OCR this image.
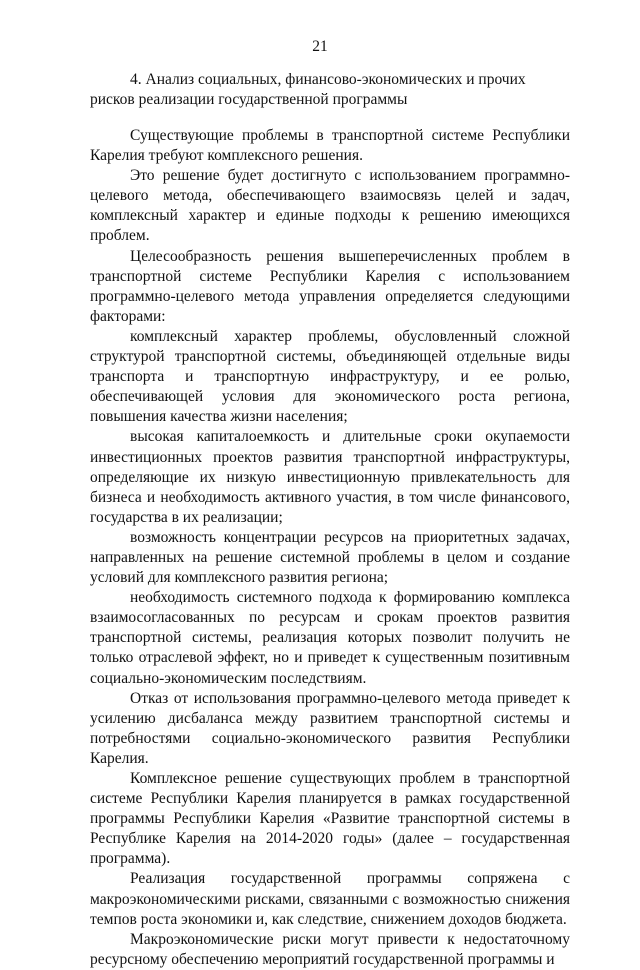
21
4. Анализ социальных, финансово-экономических и прочих рисков реализации государственной программы

Существующие проблемы в транспортной системе Республики Карелия требуют комплексного решения.

Это решение будет достигнуто с использованием программно-целевого метода, обеспечивающего взаимосвязь целей и задач, комплексный характер и единые подходы к решению имеющихся проблем.

Целесообразность решения вышеперечисленных проблем в транспортной системе Республики Карелия с использованием программно-целевого метода управления определяется следующими факторами:

комплексный характер проблемы, обусловленный сложной структурой транспортной системы, объединяющей отдельные виды транспорта и транспортную инфраструктуру, и ее ролью, обеспечивающей условия для экономического роста региона, повышения качества жизни населения;

высокая капиталоемкость и длительные сроки окупаемости инвестиционных проектов развития транспортной инфраструктуры, определяющие их низкую инвестиционную привлекательность для бизнеса и необходимость активного участия, в том числе финансового, государства в их реализации;

возможность концентрации ресурсов на приоритетных задачах, направленных на решение системной проблемы в целом и создание условий для комплексного развития региона;

необходимость системного подхода к формированию комплекса взаимосогласованных по ресурсам и срокам проектов развития транспортной системы, реализация которых позволит получить не только отраслевой эффект, но и приведет к существенным позитивным социально-экономическим последствиям.

Отказ от использования программно-целевого метода приведет к усилению дисбаланса между развитием транспортной системы и потребностями социально-экономического развития Республики Карелия.

Комплексное решение существующих проблем в транспортной системе Республики Карелия планируется в рамках государственной программы Республики Карелия «Развитие транспортной системы в Республике Карелия на 2014-2020 годы» (далее – государственная программа).

Реализация государственной программы сопряжена с макроэкономическими рисками, связанными с возможностью снижения темпов роста экономики и, как следствие, снижением доходов бюджета.

Макроэкономические риски могут привести к недостаточному ресурсному обеспечению мероприятий государственной программы и
